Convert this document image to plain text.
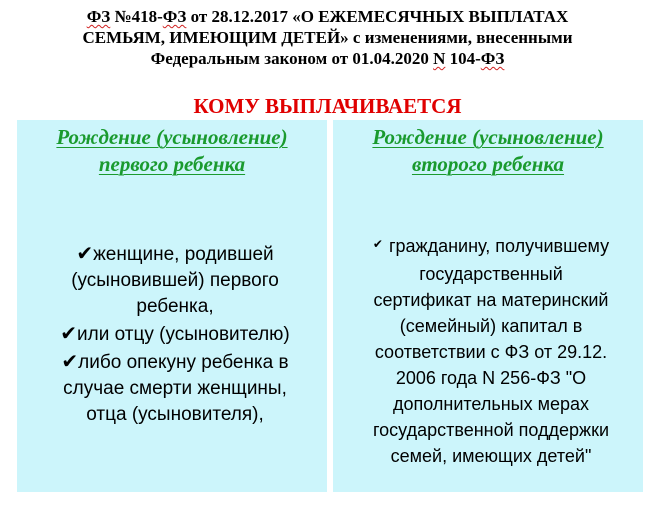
ФЗ №418-ФЗ от 28.12.2017 «О ЕЖЕМЕСЯЧНЫХ ВЫПЛАТАХ
СЕМЬЯМ, ИМЕЮЩИМ ДЕТЕЙ» с изменениями, внесенными
Федеральным законом от 01.04.2020 N 104-ФЗ
КОМУ ВЫПЛАЧИВАЕТСЯ
Рождение (усыновление)
первого ребенка
✔женщине, родившей
(усыновившей) первого
ребенка,
✔или отцу (усыновителю)
✔либо опекуну ребенка в
случае смерти женщины,
отца (усыновителя),
Рождение (усыновление)
второго ребенка
✔ гражданину, получившему
государственный
сертификат на материнский
(семейный) капитал в
соответствии с ФЗ от 29.12.
2006 года N 256-ФЗ "О
дополнительных мерах
государственной поддержки
семей, имеющих детей"
